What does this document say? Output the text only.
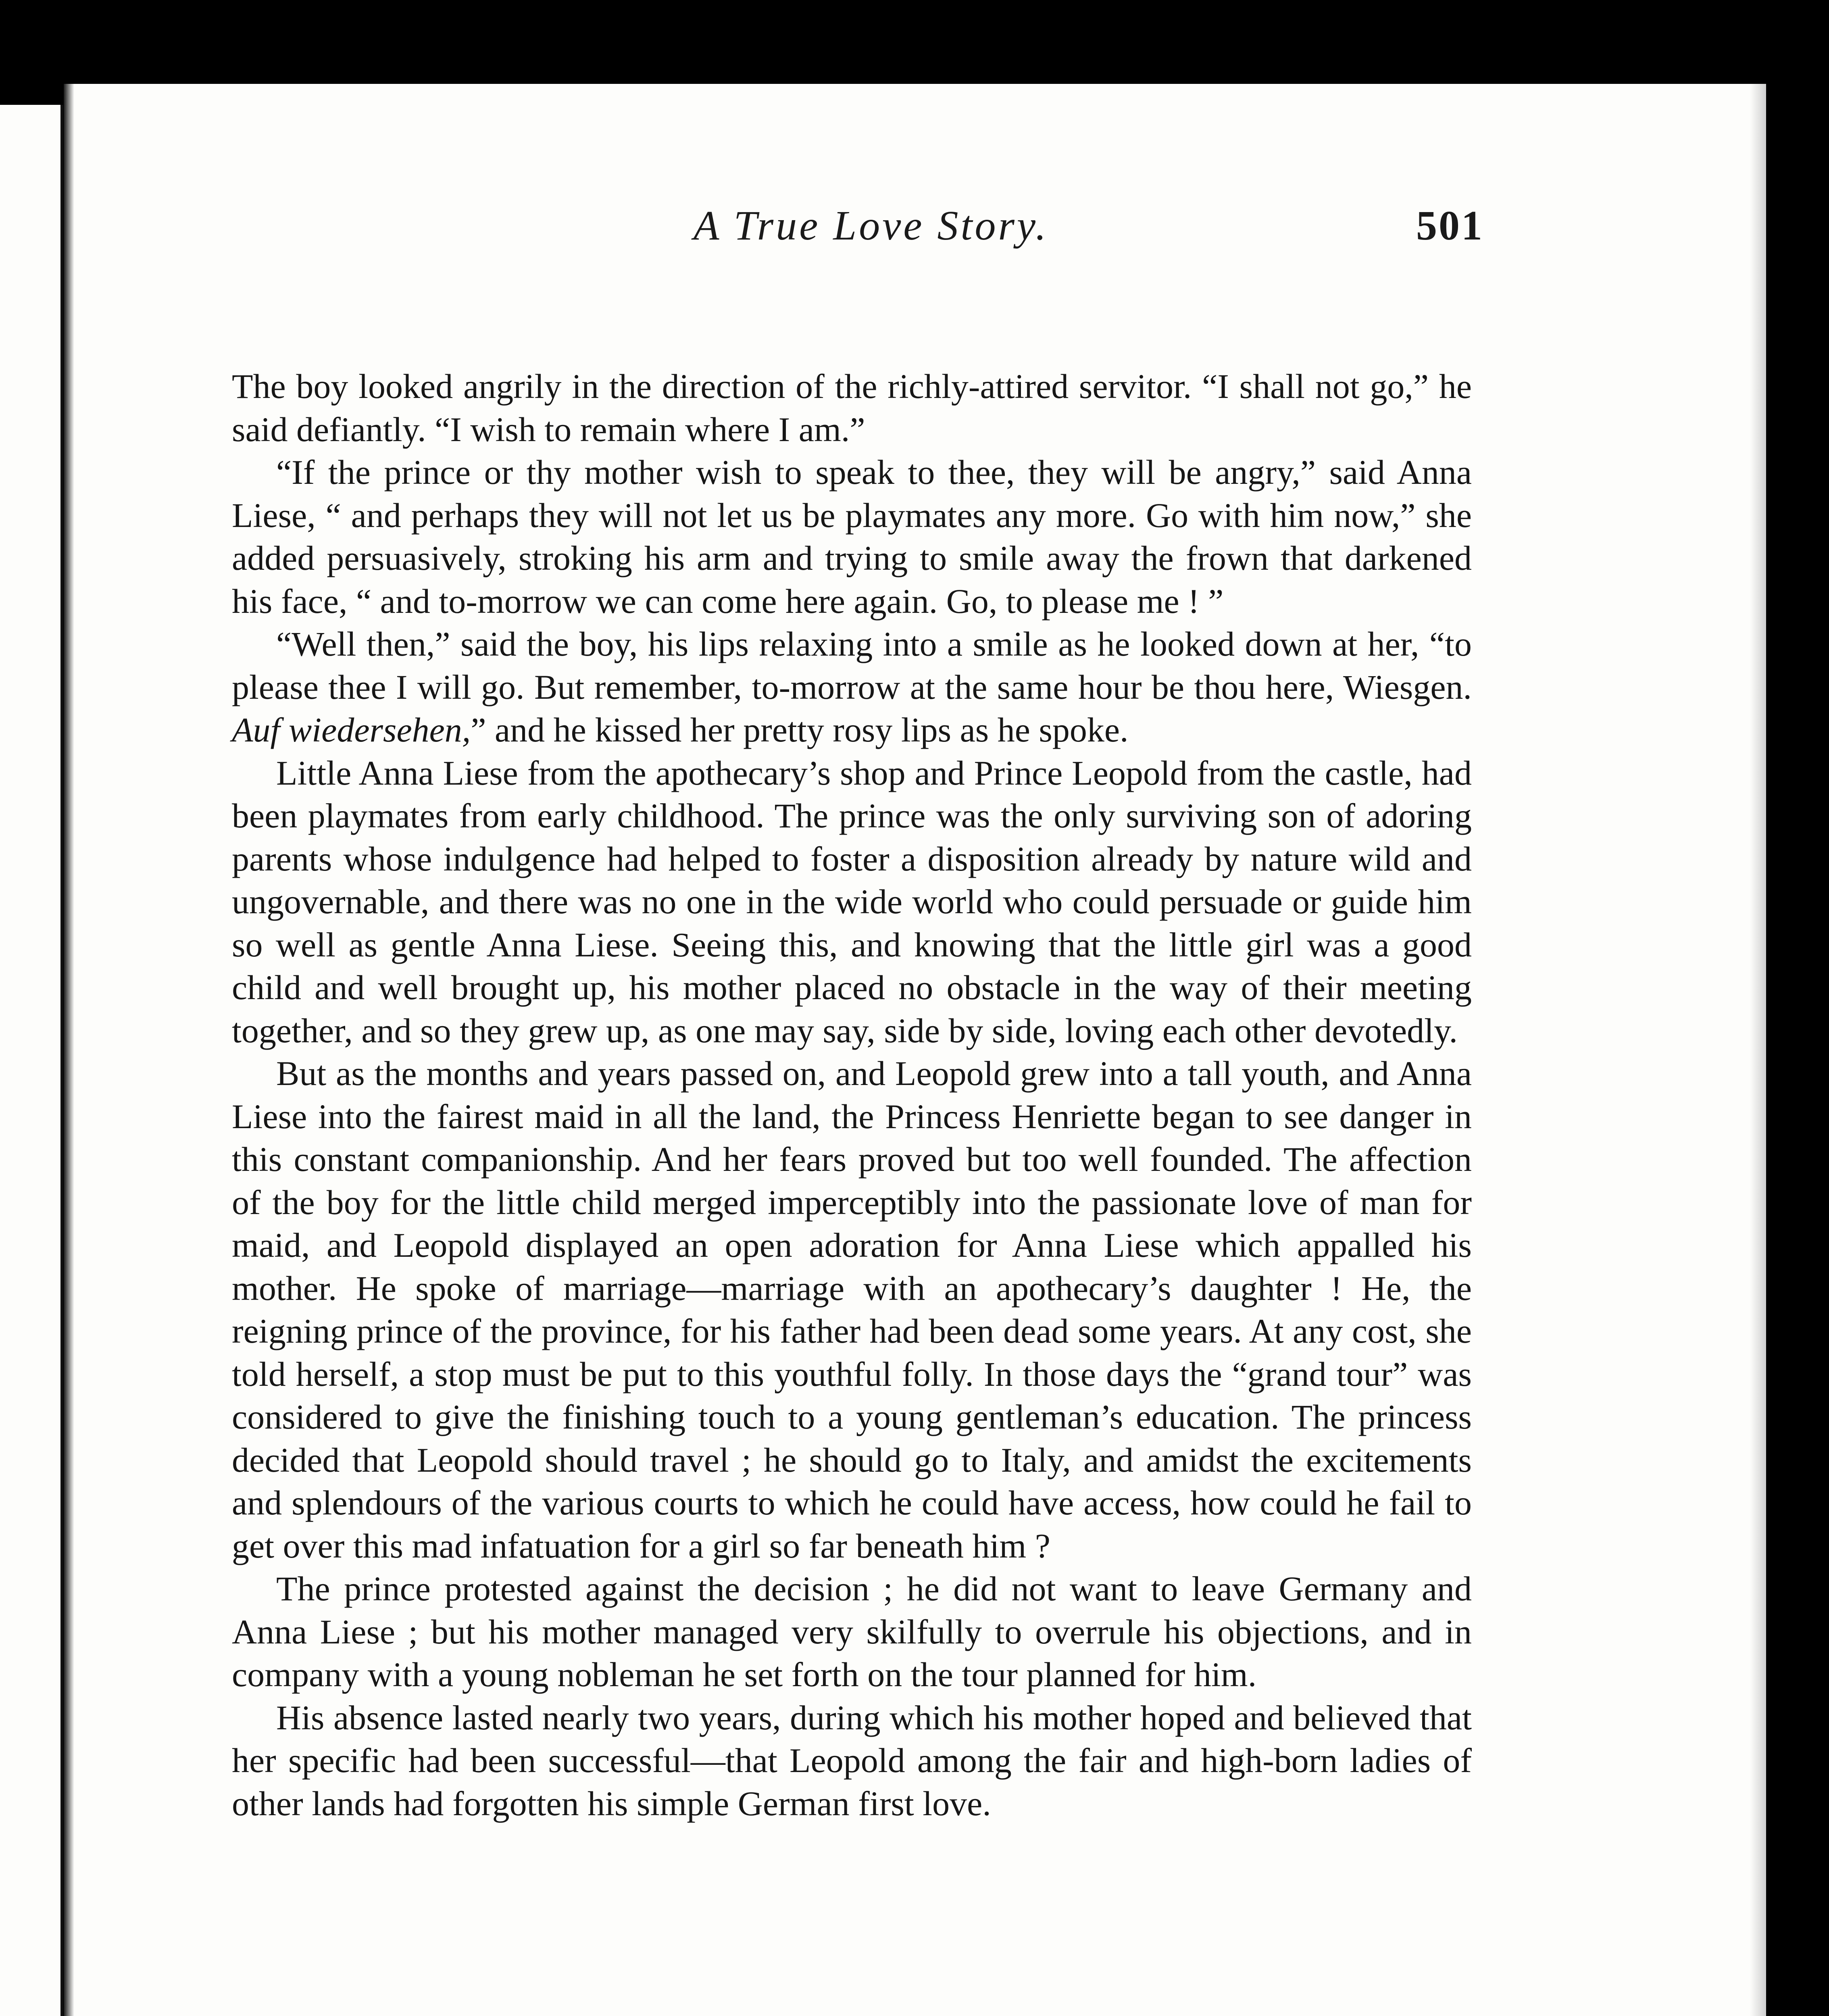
A True Love Story.	501

The boy looked angrily in the direction of the richly-attired servitor. “I shall not go,” he said defiantly. “I wish to remain where I am.”

“If the prince or thy mother wish to speak to thee, they will be angry,” said Anna Liese, “ and perhaps they will not let us be playmates any more. Go with him now,” she added persuasively, stroking his arm and trying to smile away the frown that darkened his face, “ and to-morrow we can come here again. Go, to please me ! ”

“Well then,” said the boy, his lips relaxing into a smile as he looked down at her, “to please thee I will go. But remember, to-morrow at the same hour be thou here, Wiesgen. Auf wiedersehen,” and he kissed her pretty rosy lips as he spoke.

Little Anna Liese from the apothecary’s shop and Prince Leopold from the castle, had been playmates from early childhood. The prince was the only surviving son of adoring parents whose indulgence had helped to foster a disposition already by nature wild and ungovernable, and there was no one in the wide world who could persuade or guide him so well as gentle Anna Liese. Seeing this, and knowing that the little girl was a good child and well brought up, his mother placed no obstacle in the way of their meeting together, and so they grew up, as one may say, side by side, loving each other devotedly.

But as the months and years passed on, and Leopold grew into a tall youth, and Anna Liese into the fairest maid in all the land, the Princess Henriette began to see danger in this constant companionship. And her fears proved but too well founded. The affection of the boy for the little child merged imperceptibly into the passionate love of man for maid, and Leopold displayed an open adoration for Anna Liese which appalled his mother. He spoke of marriage—marriage with an apothecary’s daughter ! He, the reigning prince of the province, for his father had been dead some years. At any cost, she told herself, a stop must be put to this youthful folly. In those days the “grand tour” was considered to give the finishing touch to a young gentleman’s education. The princess decided that Leopold should travel ; he should go to Italy, and amidst the excitements and splendours of the various courts to which he could have access, how could he fail to get over this mad infatuation for a girl so far beneath him ?

The prince protested against the decision ; he did not want to leave Germany and Anna Liese ; but his mother managed very skilfully to overrule his objections, and in company with a young nobleman he set forth on the tour planned for him.

His absence lasted nearly two years, during which his mother hoped and believed that her specific had been successful—that Leopold among the fair and high-born ladies of other lands had forgotten his simple German first love.
